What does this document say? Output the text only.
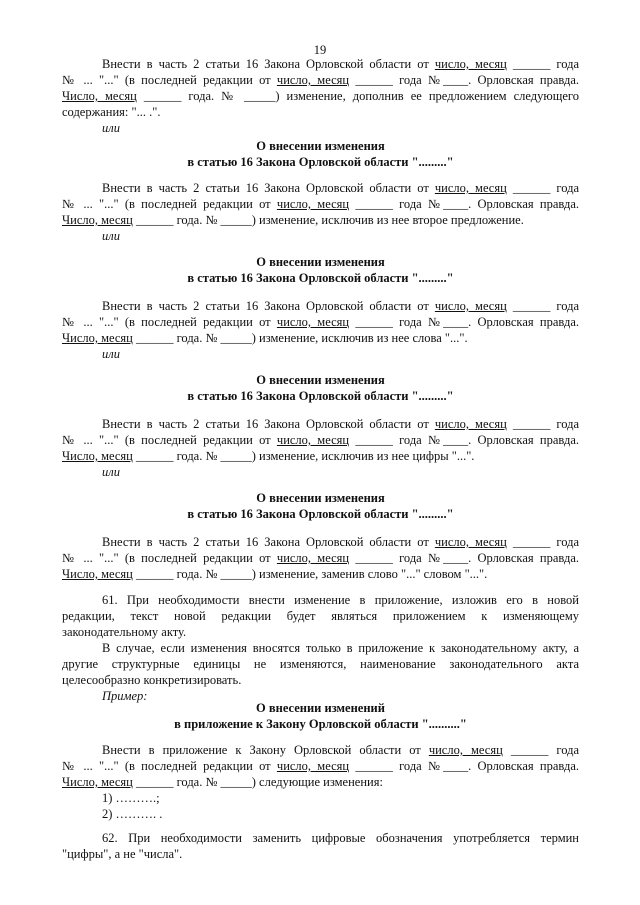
19
Внести в часть 2 статьи 16 Закона Орловской области от число, месяц ______ года
№ ... "..." (в последней редакции от число, месяц ______ года №____. Орловская правда.
Число, месяц ______ года. № _____) изменение, дополнив ее предложением следующего
содержания: "... .".
или
О внесении изменения
в статью 16 Закона Орловской области "........."
Внести в часть 2 статьи 16 Закона Орловской области от число, месяц ______ года
№ ... "..." (в последней редакции от число, месяц ______ года №____. Орловская правда.
Число, месяц ______ года. № _____) изменение, исключив из нее второе предложение.
или
О внесении изменения
в статью 16 Закона Орловской области "........."
Внести в часть 2 статьи 16 Закона Орловской области от число, месяц ______ года
№ ... "..." (в последней редакции от число, месяц ______ года №____. Орловская правда.
Число, месяц ______ года. № _____) изменение, исключив из нее слова "...".
или
О внесении изменения
в статью 16 Закона Орловской области "........."
Внести в часть 2 статьи 16 Закона Орловской области от число, месяц ______ года
№ ... "..." (в последней редакции от число, месяц ______ года №____. Орловская правда.
Число, месяц ______ года. № _____) изменение, исключив из нее цифры "...".
или
О внесении изменения
в статью 16 Закона Орловской области "........."
Внести в часть 2 статьи 16 Закона Орловской области от число, месяц ______ года
№ ... "..." (в последней редакции от число, месяц ______ года №____. Орловская правда.
Число, месяц ______ года. № _____) изменение, заменив слово "..." словом "...".
61. При необходимости внести изменение в приложение, изложив его в новой
редакции, текст новой редакции будет являться приложением к изменяющему
законодательному акту.
В случае, если изменения вносятся только в приложение к законодательному акту, а
другие структурные единицы не изменяются, наименование законодательного акта
целесообразно конкретизировать.
Пример:
О внесении изменений
в приложение к Закону Орловской области ".........."
Внести в приложение к Закону Орловской области от число, месяц ______ года
№ ... "..." (в последней редакции от число, месяц ______ года №____. Орловская правда.
Число, месяц ______ года. № _____) следующие изменения:
1) ……….;
2) ………. .
62. При необходимости заменить цифровые обозначения употребляется термин
"цифры", а не "числа".
